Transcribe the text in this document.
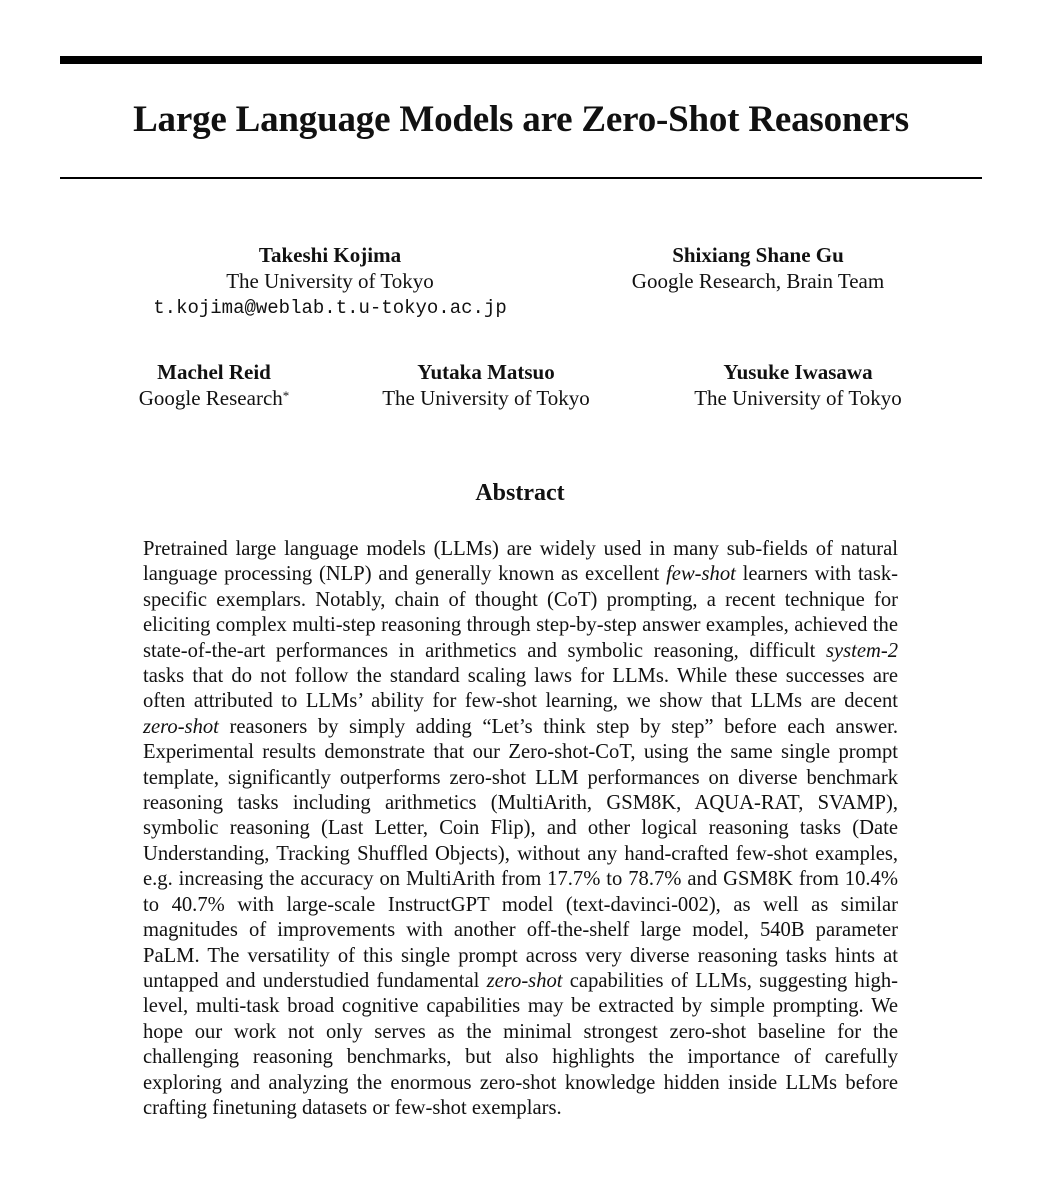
Large Language Models are Zero-Shot Reasoners
Takeshi Kojima
The University of Tokyo
t.kojima@weblab.t.u-tokyo.ac.jp
Shixiang Shane Gu
Google Research, Brain Team
Machel Reid
Google Research*
Yutaka Matsuo
The University of Tokyo
Yusuke Iwasawa
The University of Tokyo
Abstract

Pretrained large language models (LLMs) are widely used in many sub-fields of natural language processing (NLP) and generally known as excellent few-shot learners with task-specific exemplars. Notably, chain of thought (CoT) prompting, a recent technique for eliciting complex multi-step reasoning through step-by-step answer examples, achieved the state-of-the-art performances in arithmetics and symbolic reasoning, difficult system-2 tasks that do not follow the standard scaling laws for LLMs. While these successes are often attributed to LLMs’ ability for few-shot learning, we show that LLMs are decent zero-shot reasoners by simply adding “Let’s think step by step” before each answer. Experimental results demonstrate that our Zero-shot-CoT, using the same single prompt template, significantly outperforms zero-shot LLM performances on diverse benchmark reasoning tasks including arithmetics (MultiArith, GSM8K, AQUA-RAT, SVAMP), symbolic reasoning (Last Letter, Coin Flip), and other logical reasoning tasks (Date Understanding, Tracking Shuffled Objects), without any hand-crafted few-shot examples, e.g. increasing the accuracy on MultiArith from 17.7% to 78.7% and GSM8K from 10.4% to 40.7% with large-scale InstructGPT model (text-davinci-002), as well as similar magnitudes of improvements with another off-the-shelf large model, 540B parameter PaLM. The versatility of this single prompt across very diverse reasoning tasks hints at untapped and understudied fundamental zero-shot capabilities of LLMs, suggesting high-level, multi-task broad cognitive capabilities may be extracted by simple prompting. We hope our work not only serves as the minimal strongest zero-shot baseline for the challenging reasoning benchmarks, but also highlights the importance of carefully exploring and analyzing the enormous zero-shot knowledge hidden inside LLMs before crafting finetuning datasets or few-shot exemplars.
